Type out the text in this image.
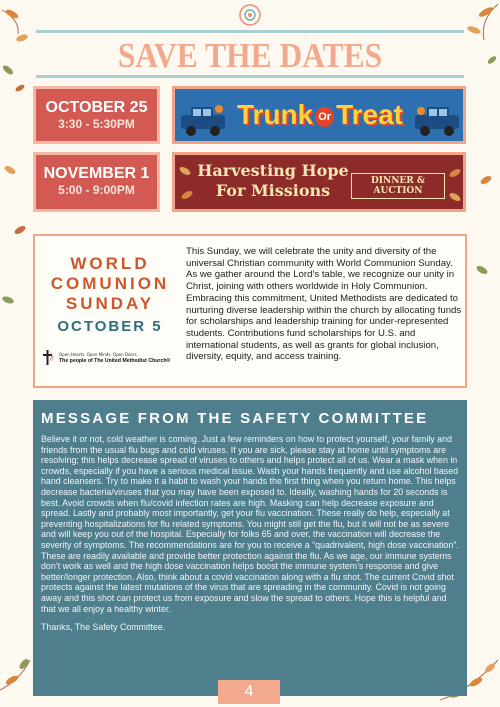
SAVE THE DATES
OCTOBER 25
3:30 - 5:30PM	Trunk Or Treat
NOVEMBER 1
5:00 - 9:00PM
Harvesting Hope For Missions	DINNER & AUCTION
WORLD COMUNION SUNDAY
OCTOBER 5
Open Hearts. Open Minds. Open Doors.
The people of The United Methodist Church®
This Sunday, we will celebrate the unity and diversity of the universal Christian community with World Communion Sunday. As we gather around the Lord’s table, we recognize our unity in Christ, joining with others worldwide in Holy Communion. Embracing this commitment, United Methodists are dedicated to nurturing diverse leadership within the church by allocating funds for scholarships and leadership training for under-represented students. Contributions fund scholarships for U.S. and international students, as well as grants for global inclusion, diversity, equity, and access training.
MESSAGE FROM THE SAFETY COMMITTEE

Believe it or not, cold weather is coming. Just a few reminders on how to protect yourself, your family and friends from the usual flu bugs and cold viruses. If you are sick, please stay at home until symptoms are resolving; this helps decrease spread of viruses to others and helps protect all of us. Wear a mask when in crowds, especially if you have a serious medical issue. Wash your hands frequently and use alcohol based hand cleansers. Try to make it a habit to wash your hands the first thing when you return home. This helps decrease bacteria/viruses that you may have been exposed to. Ideally, washing hands for 20 seconds is best. Avoid crowds when flu/covid infection rates are high. Masking can help decrease exposure and spread. Lastly and probably most importantly, get your flu vaccination. These really do help, especially at preventing hospitalizations for flu related symptoms. You might still get the flu, but it will not be as severe and will keep you out of the hospital. Especially for folks 65 and over, the vaccination will decrease the severity of symptoms. The recommendations are for you to receive a “quadrivalent, high dose vaccination”. These are readily available and provide better protection against the flu. As we age, our immune systems don’t work as well and the high dose vaccination helps boost the immune system’s response and give better/longer protection. Also, think about a covid vaccination along with a flu shot. The current Covid shot protects against the latest mutations of the virus that are spreading in the community. Covid is not going away and this shot can protect us from exposure and slow the spread to others. Hope this is helpful and that we all enjoy a healthy winter.

Thanks, The Safety Committee.
4
